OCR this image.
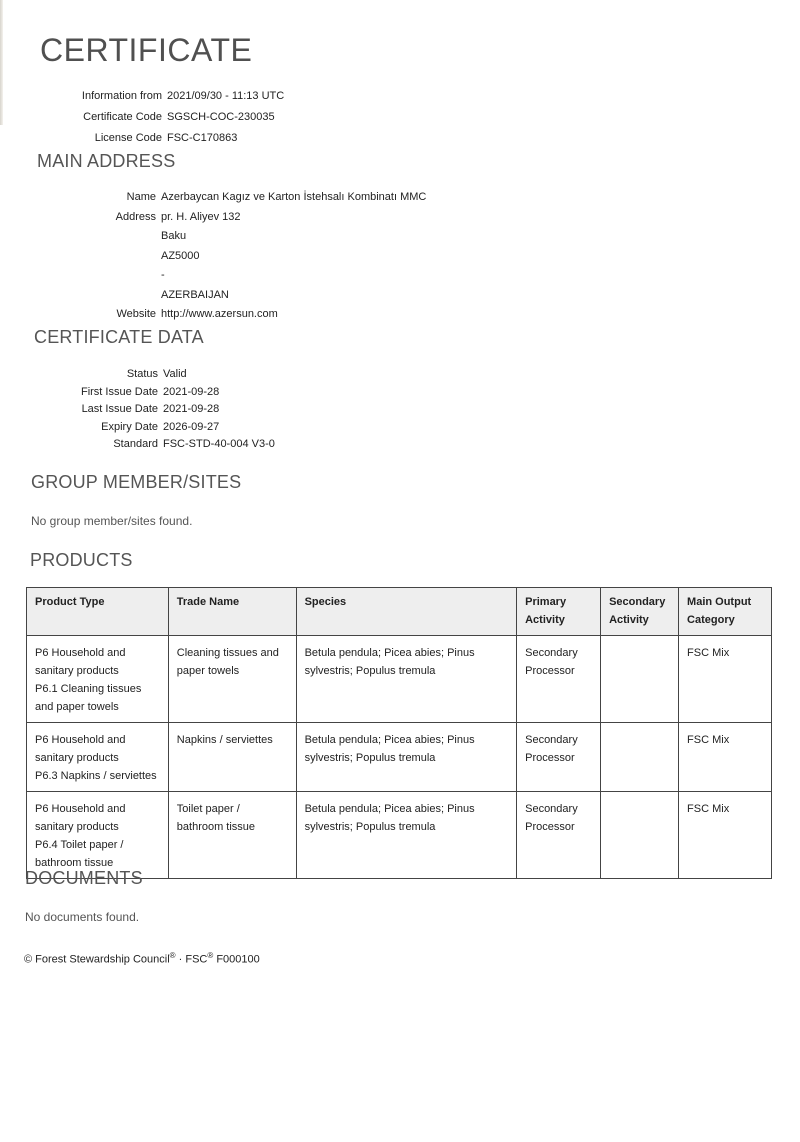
CERTIFICATE
Information from 2021/09/30 - 11:13 UTC
Certificate Code SGSCH-COC-230035
License Code FSC-C170863
MAIN ADDRESS
Name Azerbaycan Kagız ve Karton İstehsalı Kombinatı MMC
Address pr. H. Aliyev 132
Baku
AZ5000
-
AZERBAIJAN
Website http://www.azersun.com
CERTIFICATE DATA
Status Valid
First Issue Date 2021-09-28
Last Issue Date 2021-09-28
Expiry Date 2026-09-27
Standard FSC-STD-40-004 V3-0
GROUP MEMBER/SITES
No group member/sites found.
PRODUCTS
Product Type	Trade Name	Species	Primary Activity	Secondary Activity	Main Output Category

P6 Household and sanitary products
P6.1 Cleaning tissues and paper towels	Cleaning tissues and paper towels	Betula pendula; Picea abies; Pinus sylvestris; Populus tremula	Secondary Processor		FSC Mix

P6 Household and sanitary products
P6.3 Napkins / serviettes	Napkins / serviettes	Betula pendula; Picea abies; Pinus sylvestris; Populus tremula	Secondary Processor		FSC Mix

P6 Household and sanitary products
P6.4 Toilet paper / bathroom tissue	Toilet paper / bathroom tissue	Betula pendula; Picea abies; Pinus sylvestris; Populus tremula	Secondary Processor		FSC Mix
DOCUMENTS
No documents found.
© Forest Stewardship Council® · FSC® F000100
